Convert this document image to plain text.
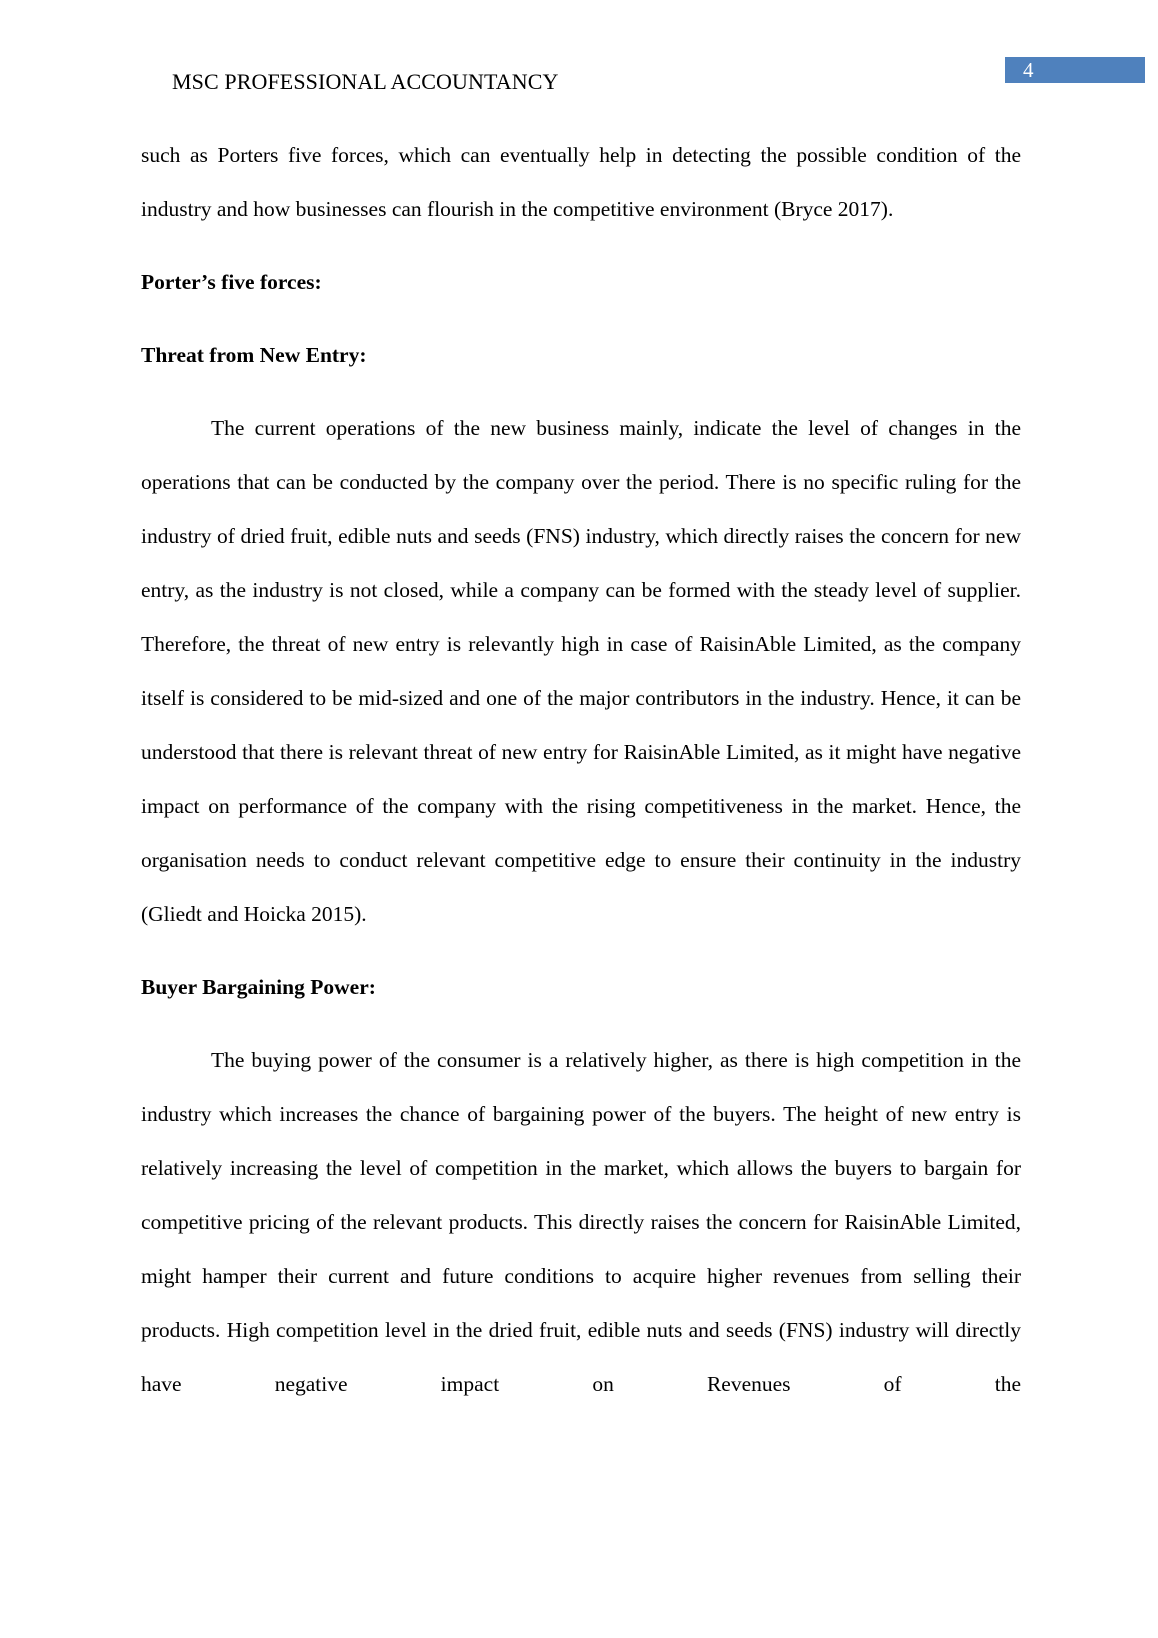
4
MSC PROFESSIONAL ACCOUNTANCY

such as Porters five forces, which can eventually help in detecting the possible condition of the industry and how businesses can flourish in the competitive environment (Bryce 2017).

Porter’s five forces:

Threat from New Entry:

The current operations of the new business mainly, indicate the level of changes in the operations that can be conducted by the company over the period. There is no specific ruling for the industry of dried fruit, edible nuts and seeds (FNS) industry, which directly raises the concern for new entry, as the industry is not closed, while a company can be formed with the steady level of supplier. Therefore, the threat of new entry is relevantly high in case of RaisinAble Limited, as the company itself is considered to be mid-sized and one of the major contributors in the industry. Hence, it can be understood that there is relevant threat of new entry for RaisinAble Limited, as it might have negative impact on performance of the company with the rising competitiveness in the market. Hence, the organisation needs to conduct relevant competitive edge to ensure their continuity in the industry (Gliedt and Hoicka 2015).

Buyer Bargaining Power:

The buying power of the consumer is a relatively higher, as there is high competition in the industry which increases the chance of bargaining power of the buyers. The height of new entry is relatively increasing the level of competition in the market, which allows the buyers to bargain for competitive pricing of the relevant products. This directly raises the concern for RaisinAble Limited, might hamper their current and future conditions to acquire higher revenues from selling their products. High competition level in the dried fruit, edible nuts and seeds (FNS) industry will directly have negative impact on Revenues of the
